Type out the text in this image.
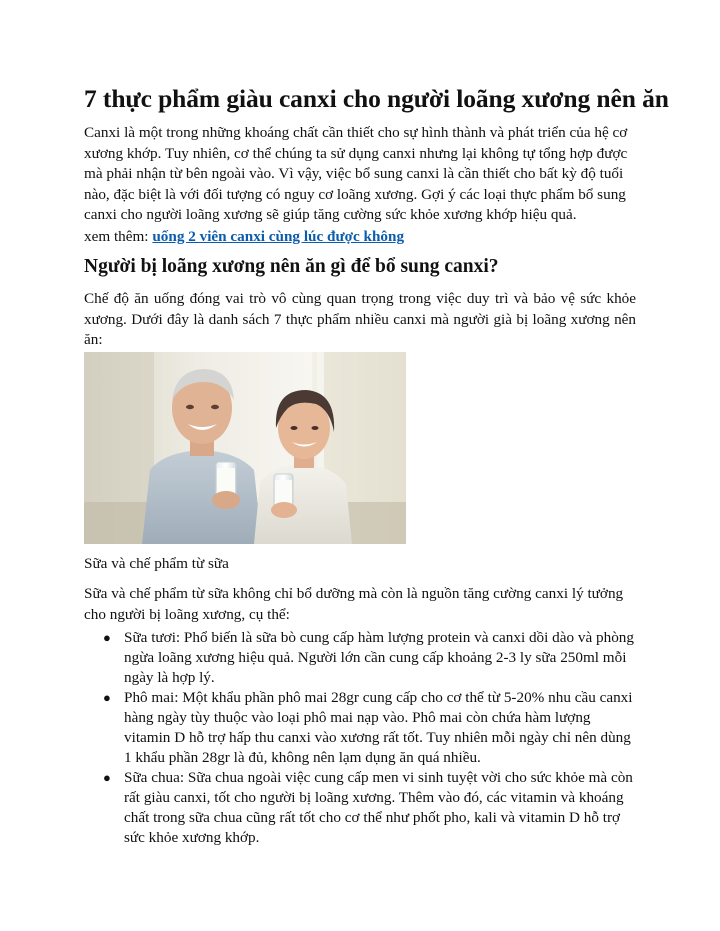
7 thực phẩm giàu canxi cho người loãng xương nên ăn

Canxi là một trong những khoáng chất cần thiết cho sự hình thành và phát triển của hệ cơ xương khớp. Tuy nhiên, cơ thể chúng ta sử dụng canxi nhưng lại không tự tổng hợp được mà phải nhận từ bên ngoài vào. Vì vậy, việc bổ sung canxi là cần thiết cho bất kỳ độ tuổi nào, đặc biệt là với đối tượng có nguy cơ loãng xương. Gợi ý các loại thực phẩm bổ sung canxi cho người loãng xương sẽ giúp tăng cường sức khỏe xương khớp hiệu quả.

xem thêm: uống 2 viên canxi cùng lúc được không

Người bị loãng xương nên ăn gì để bổ sung canxi?

Chế độ ăn uống đóng vai trò vô cùng quan trọng trong việc duy trì và bảo vệ sức khỏe xương. Dưới đây là danh sách 7 thực phẩm nhiều canxi mà người già bị loãng xương nên ăn:

Sữa và chế phẩm từ sữa

Sữa và chế phẩm từ sữa không chỉ bổ dưỡng mà còn là nguồn tăng cường canxi lý tưởng cho người bị loãng xương, cụ thể:

● Sữa tươi: Phổ biến là sữa bò cung cấp hàm lượng protein và canxi dồi dào và phòng ngừa loãng xương hiệu quả. Người lớn cần cung cấp khoảng 2-3 ly sữa 250ml mỗi ngày là hợp lý.
● Phô mai: Một khẩu phần phô mai 28gr cung cấp cho cơ thể từ 5-20% nhu cầu canxi hàng ngày tùy thuộc vào loại phô mai nạp vào. Phô mai còn chứa hàm lượng vitamin D hỗ trợ hấp thu canxi vào xương rất tốt. Tuy nhiên mỗi ngày chỉ nên dùng 1 khẩu phần 28gr là đủ, không nên lạm dụng ăn quá nhiều.
● Sữa chua: Sữa chua ngoài việc cung cấp men vi sinh tuyệt vời cho sức khỏe mà còn rất giàu canxi, tốt cho người bị loãng xương. Thêm vào đó, các vitamin và khoáng chất trong sữa chua cũng rất tốt cho cơ thể như phốt pho, kali và vitamin D hỗ trợ sức khỏe xương khớp.
